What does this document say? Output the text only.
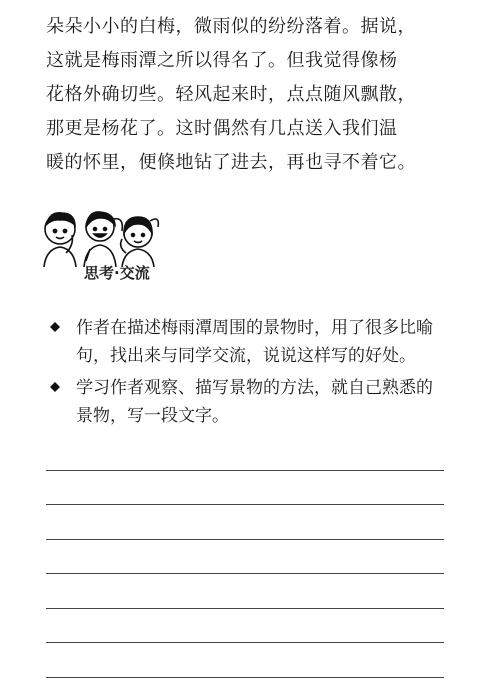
朵朵小小的白梅，微雨似的纷纷落着。据说，

这就是梅雨潭之所以得名了。但我觉得像杨

花格外确切些。轻风起来时，点点随风飘散，

那更是杨花了。这时偶然有几点送入我们温

暖的怀里，便倏地钻了进去，再也寻不着它。

思考·交流
作者在描述梅雨潭周围的景物时，用了很多比喻
句，找出来与同学交流，说说这样写的好处。
学习作者观察、描写景物的方法，就自己熟悉的
景物，写一段文字。
